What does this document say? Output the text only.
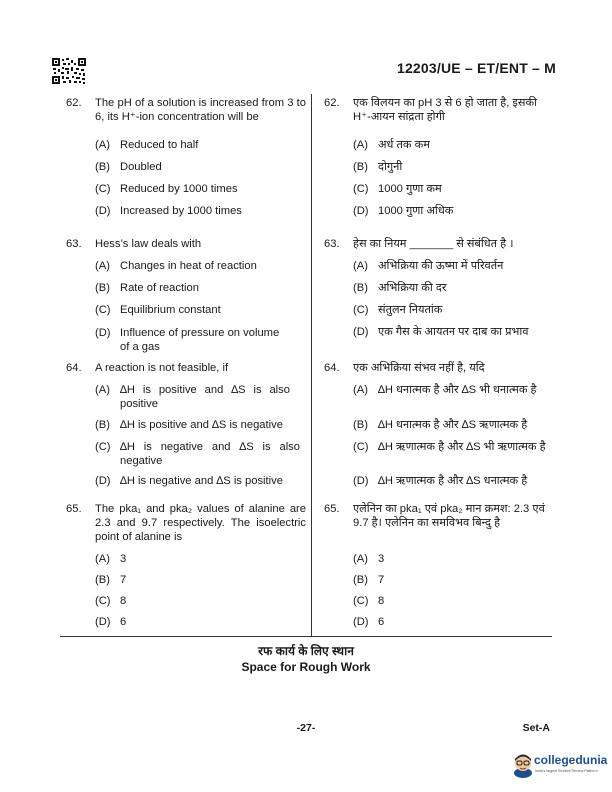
12203/UE – ET/ENT – M
62. The pH of a solution is increased from 3 to 6, its H⁺-ion concentration will be
(A) Reduced to half
(B) Doubled
(C) Reduced by 1000 times
(D) Increased by 1000 times
63. Hess’s law deals with
(A) Changes in heat of reaction
(B) Rate of reaction
(C) Equilibrium constant
(D) Influence of pressure on volume of a gas
64. A reaction is not feasible, if
(A) ∆H is positive and ∆S is also positive
(B) ∆H is positive and ∆S is negative
(C) ∆H is negative and ∆S is also negative
(D) ∆H is negative and ∆S is positive
65. The pka₁ and pka₂ values of alanine are 2.3 and 9.7 respectively. The isoelectric point of alanine is
(A) 3
(B) 7
(C) 8
(D) 6
62. एक विलयन का pH 3 से 6 हो जाता है, इसकी H⁺-आयन सांद्रता होगी
(A) अर्ध तक कम
(B) दोगुनी
(C) 1000 गुणा कम
(D) 1000 गुणा अधिक
63. हेस का नियम _______ से संबंधित है ।
(A) अभिक्रिया की ऊष्मा में परिवर्तन
(B) अभिक्रिया की दर
(C) संतुलन नियतांक
(D) एक गैस के आयतन पर दाब का प्रभाव
64. एक अभिक्रिया संभव नहीं है, यदि
(A) ∆H धनात्मक है और ∆S भी धनात्मक है
(B) ∆H धनात्मक है और ∆S ऋणात्मक है
(C) ∆H ऋणात्मक है और ∆S भी ऋणात्मक है
(D) ∆H ऋणात्मक है और ∆S धनात्मक है
65. एलेनिन का pka₁ एवं pka₂ मान क्रमश: 2.3 एवं 9.7 है। एलेनिन का समविभव बिन्दु है
(A) 3
(B) 7
(C) 8
(D) 6
रफ कार्य के लिए स्थान
Space for Rough Work
-27-	Set-A
collegedunia
India's largest Student Review Platform
